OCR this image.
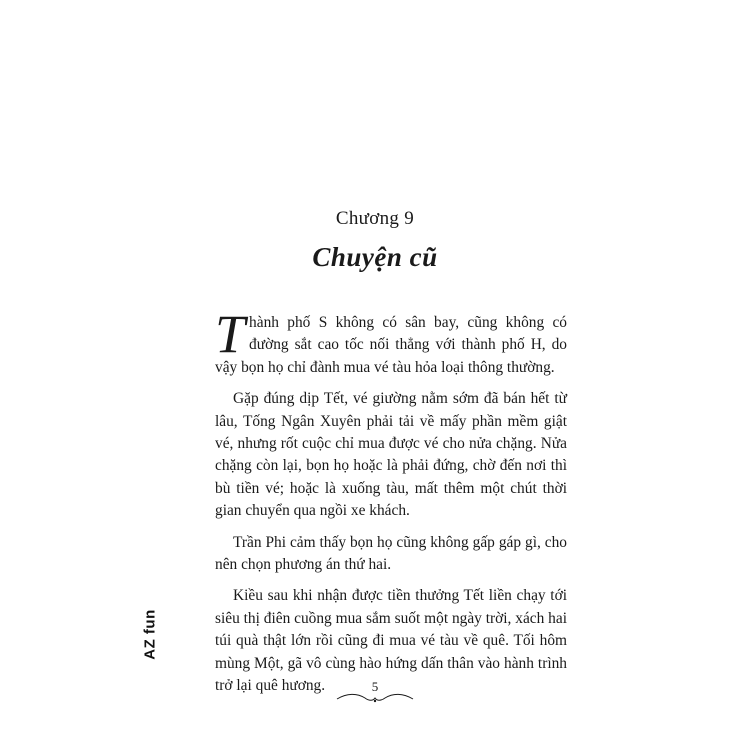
Chương 9
Chuyện cũ

Thành phố S không có sân bay, cũng không có đường sắt cao tốc nối thẳng với thành phố H, do vậy bọn họ chỉ đành mua vé tàu hỏa loại thông thường.

Gặp đúng dịp Tết, vé giường nằm sớm đã bán hết từ lâu, Tống Ngân Xuyên phải tải về mấy phần mềm giật vé, nhưng rốt cuộc chỉ mua được vé cho nửa chặng. Nửa chặng còn lại, bọn họ hoặc là phải đứng, chờ đến nơi thì bù tiền vé; hoặc là xuống tàu, mất thêm một chút thời gian chuyển qua ngồi xe khách.

Trần Phi cảm thấy bọn họ cũng không gấp gáp gì, cho nên chọn phương án thứ hai.

Kiều sau khi nhận được tiền thưởng Tết liền chạy tới siêu thị điên cuồng mua sắm suốt một ngày trời, xách hai túi quà thật lớn rồi cũng đi mua vé tàu về quê. Tối hôm mùng Một, gã vô cùng hào hứng dấn thân vào hành trình trở lại quê hương.

AZ fun
5
